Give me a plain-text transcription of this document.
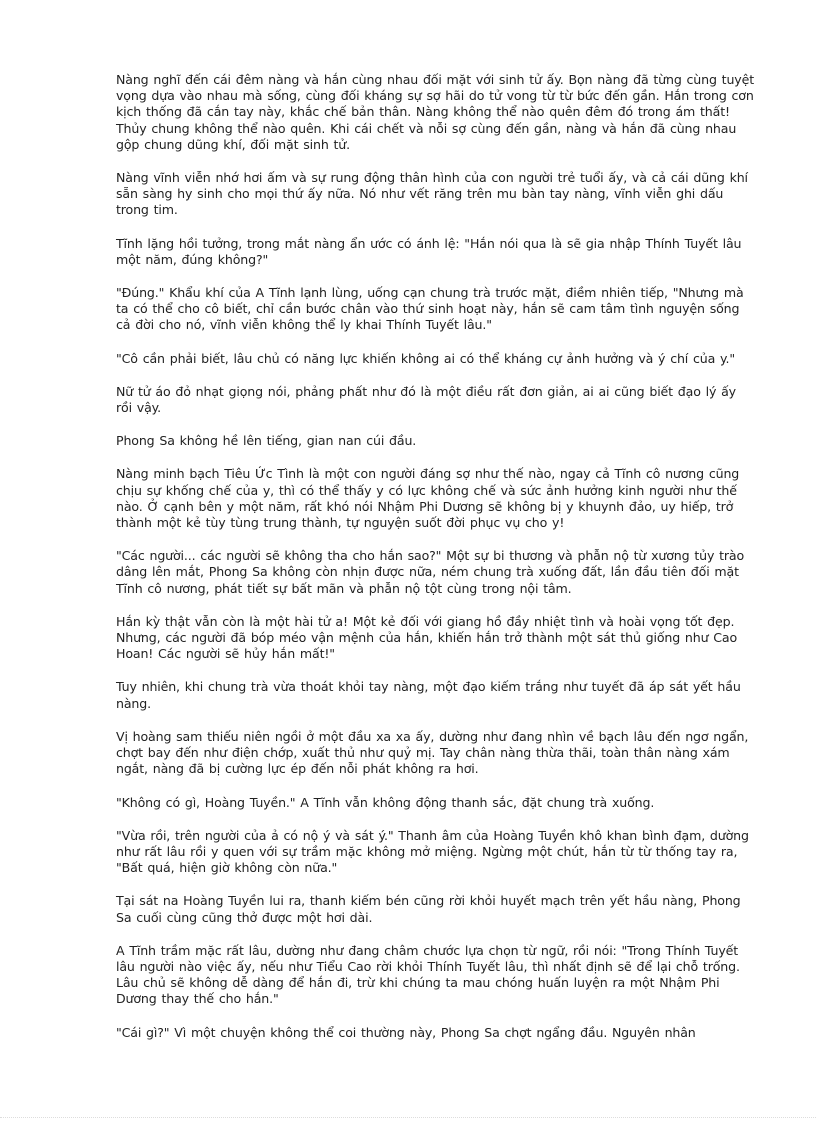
Nàng nghĩ đến cái đêm nàng và hắn cùng nhau đối mặt với sinh tử ấy. Bọn nàng đã từng cùng tuyệt vọng dựa vào nhau mà sống, cùng đối kháng sự sợ hãi do tử vong từ từ bức đến gần. Hắn trong cơn kịch thống đã cắn tay này, khắc chế bản thân. Nàng không thể nào quên đêm đó trong ám thất! Thủy chung không thể nào quên. Khi cái chết và nỗi sợ cùng đến gần, nàng và hắn đã cùng nhau gộp chung dũng khí, đối mặt sinh tử.

Nàng vĩnh viễn nhớ hơi ấm và sự rung động thân hình của con người trẻ tuổi ấy, và cả cái dũng khí sẵn sàng hy sinh cho mọi thứ ấy nữa. Nó như vết răng trên mu bàn tay nàng, vĩnh viễn ghi dấu trong tim.

Tĩnh lặng hồi tưởng, trong mắt nàng ẩn ước có ánh lệ: "Hắn nói qua là sẽ gia nhập Thính Tuyết lâu một năm, đúng không?"

"Đúng." Khẩu khí của A Tĩnh lạnh lùng, uống cạn chung trà trước mặt, điềm nhiên tiếp, "Nhưng mà ta có thể cho cô biết, chỉ cần bước chân vào thứ sinh hoạt này, hắn sẽ cam tâm tình nguyện sống cả đời cho nó, vĩnh viễn không thể ly khai Thính Tuyết lâu."

"Cô cần phải biết, lâu chủ có năng lực khiến không ai có thể kháng cự ảnh hưởng và ý chí của y."

Nữ tử áo đỏ nhạt giọng nói, phảng phất như đó là một điều rất đơn giản, ai ai cũng biết đạo lý ấy rồi vậy.

Phong Sa không hề lên tiếng, gian nan cúi đầu.

Nàng minh bạch Tiêu Ức Tình là một con người đáng sợ như thế nào, ngay cả Tĩnh cô nương cũng chịu sự khống chế của y, thì có thể thấy y có lực không chế và sức ảnh hưởng kinh người như thế nào. Ở cạnh bên y một năm, rất khó nói Nhậm Phi Dương sẽ không bị y khuynh đảo, uy hiếp, trở thành một kẻ tùy tùng trung thành, tự nguyện suốt đời phục vụ cho y!

"Các người... các người sẽ không tha cho hắn sao?" Một sự bi thương và phẫn nộ từ xương tủy trào dâng lên mắt, Phong Sa không còn nhịn được nữa, ném chung trà xuống đất, lần đầu tiên đối mặt Tĩnh cô nương, phát tiết sự bất mãn và phẫn nộ tột cùng trong nội tâm.

Hắn kỳ thật vẫn còn là một hài tử a! Một kẻ đối với giang hồ đầy nhiệt tình và hoài vọng tốt đẹp. Nhưng, các người đã bóp méo vận mệnh của hắn, khiến hắn trở thành một sát thủ giống như Cao Hoan! Các người sẽ hủy hắn mất!"

Tuy nhiên, khi chung trà vừa thoát khỏi tay nàng, một đạo kiếm trắng như tuyết đã áp sát yết hầu nàng.

Vị hoàng sam thiếu niên ngồi ở một đầu xa xa ấy, dường như đang nhìn về bạch lâu đến ngơ ngẩn, chợt bay đến như điện chớp, xuất thủ như quỷ mị. Tay chân nàng thừa thãi, toàn thân nàng xám ngắt, nàng đã bị cường lực ép đến nỗi phát không ra hơi.

"Không có gì, Hoàng Tuyền." A Tĩnh vẫn không động thanh sắc, đặt chung trà xuống.

"Vừa rồi, trên người của ả có nộ ý và sát ý." Thanh âm của Hoàng Tuyền khô khan bình đạm, dường như rất lâu rồi y quen với sự trầm mặc không mở miệng. Ngừng một chút, hắn từ từ thống tay ra, "Bất quá, hiện giờ không còn nữa."

Tại sát na Hoàng Tuyền lui ra, thanh kiếm bén cũng rời khỏi huyết mạch trên yết hầu nàng, Phong Sa cuối cùng cũng thở được một hơi dài.

A Tĩnh trầm mặc rất lâu, dường như đang châm chước lựa chọn từ ngữ, rồi nói: "Trong Thính Tuyết lâu người nào việc ấy, nếu như Tiểu Cao rời khỏi Thính Tuyết lâu, thì nhất định sẽ để lại chỗ trống. Lâu chủ sẽ không dễ dàng để hắn đi, trừ khi chúng ta mau chóng huấn luyện ra một Nhậm Phi Dương thay thế cho hắn."

"Cái gì?" Vì một chuyện không thể coi thường này, Phong Sa chợt ngẩng đầu. Nguyên nhân
